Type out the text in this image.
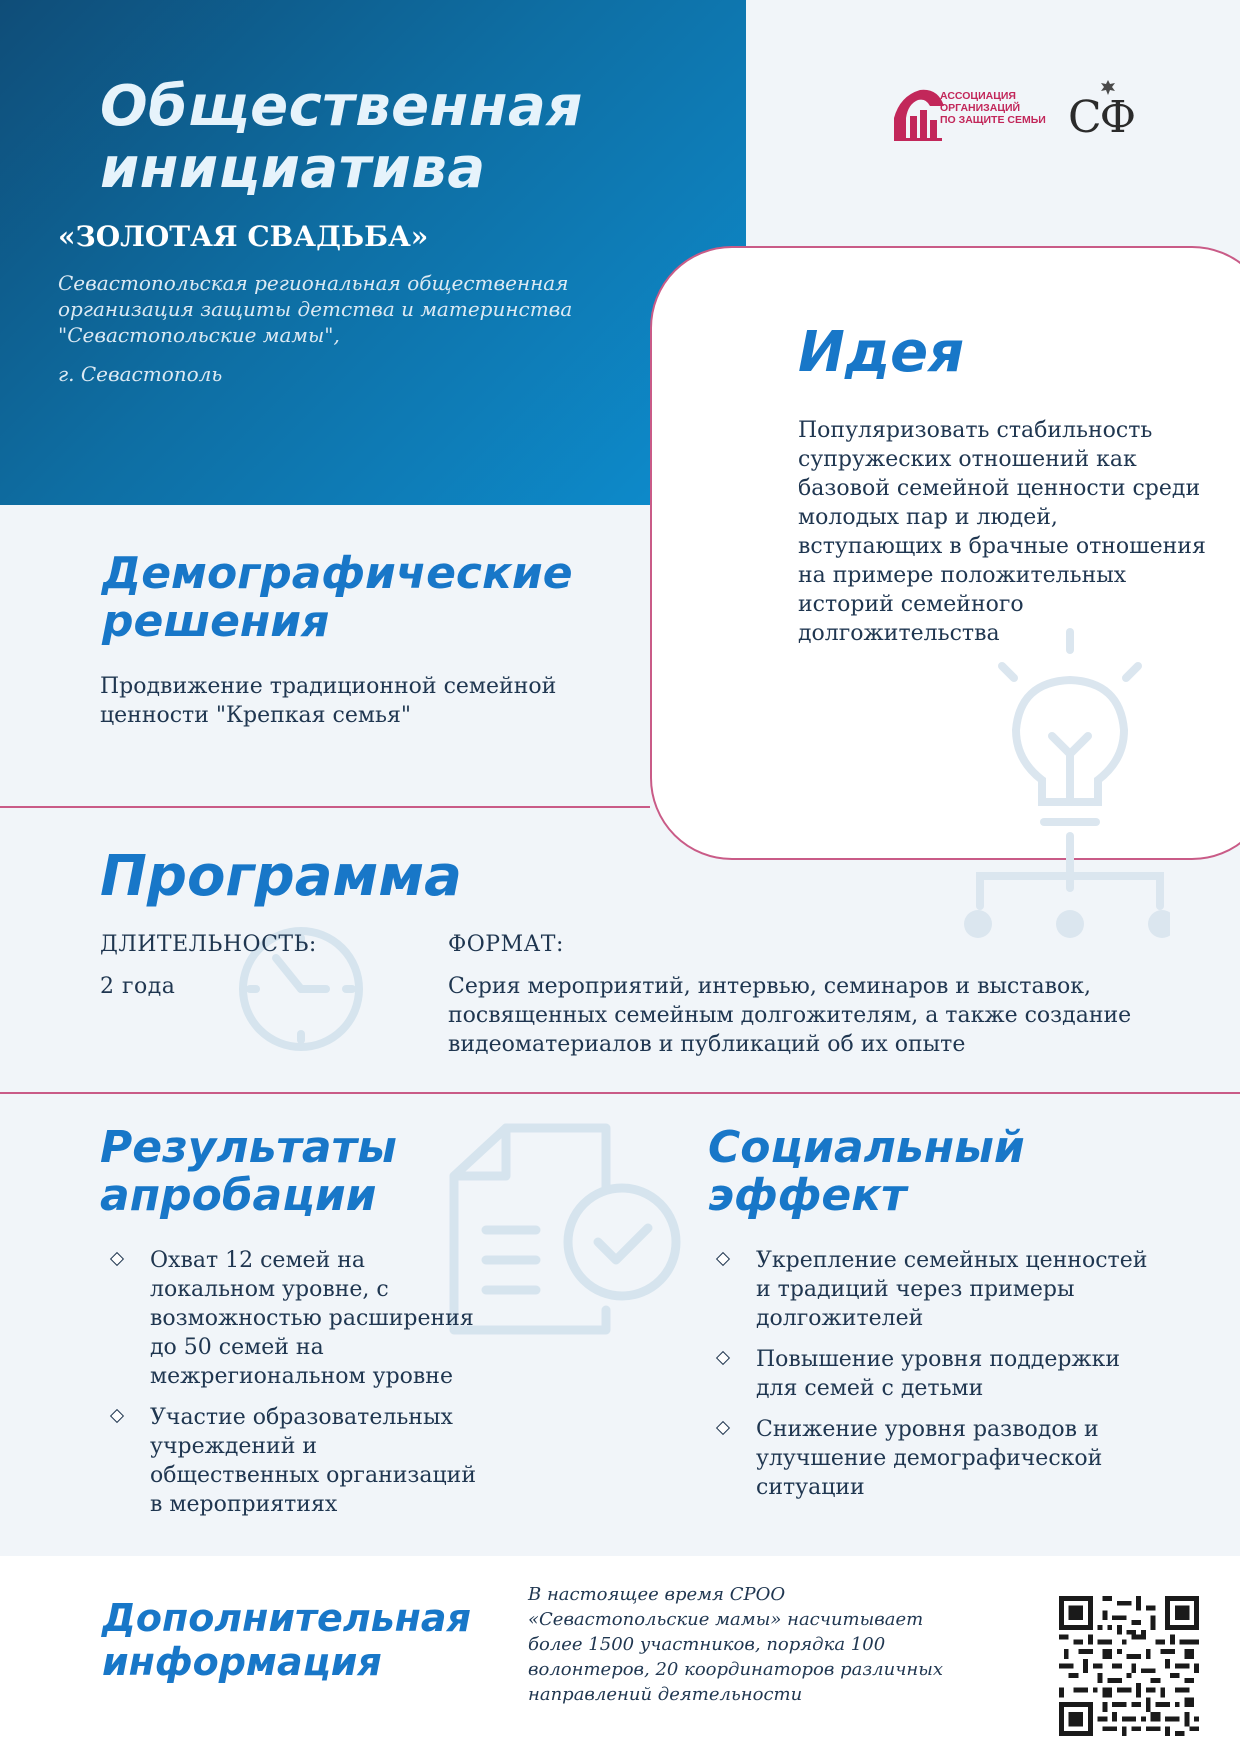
Общественная
инициатива
«ЗОЛОТАЯ СВАДЬБА»
Севастопольская региональная общественная организация защиты детства и материнства "Севастопольские мамы",
г. Севастополь
АССОЦИАЦИЯ
ОРГАНИЗАЦИЙ
ПО ЗАЩИТЕ СЕМЬИ СФ
Идея
Популяризовать стабильность супружеских отношений как базовой семейной ценности среди молодых пар и людей, вступающих в брачные отношения на примере положительных историй семейного долгожительства
Демографические решения
Продвижение традиционной семейной ценности "Крепкая семья"
Программа
ДЛИТЕЛЬНОСТЬ:
2 года
ФОРМАТ:
Серия мероприятий, интервью, семинаров и выставок, посвященных семейным долгожителям, а также создание видеоматериалов и публикаций об их опыте
Результаты апробации
Охват 12 семей на локальном уровне, с возможностью расширения до 50 семей на межрегиональном уровне
Участие образовательных учреждений и общественных организаций в мероприятиях
Социальный эффект
Укрепление семейных ценностей и традиций через примеры долгожителей
Повышение уровня поддержки для семей с детьми
Снижение уровня разводов и улучшение демографической ситуации
Дополнительная информация
В настоящее время СРОО «Севастопольские мамы» насчитывает более 1500 участников, порядка 100 волонтеров, 20 координаторов различных направлений деятельности
